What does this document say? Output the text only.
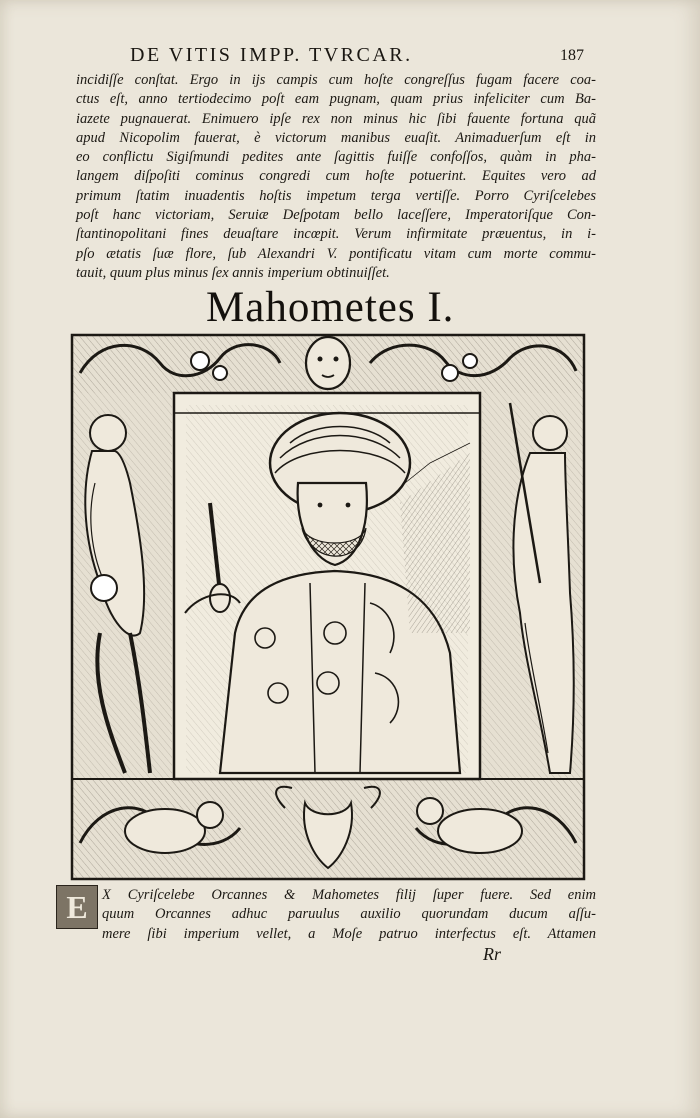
DE VITIS IMPP. TVRCAR.	187
incidiſſe conſtat. Ergo in ijs campis cum hoſte congreſſus fugam facere coa-
ctus eſt, anno tertiodecimo poſt eam pugnam, quam prius infeliciter cum Ba-
iazete pugnauerat. Enimuero ipſe rex non minus hic ſibi fauente fortuna quã
apud Nicopolim fauerat, è victorum manibus euaſit. Animaduerſum eſt in
eo conflictu Sigiſmundi pedites ante ſagittis fuiſſe confoſſos, quàm in pha-
langem diſpoſiti cominus congredi cum hoſte potuerint. Equites vero ad
primum ſtatim inuadentis hoſtis impetum terga vertiſſe. Porro Cyriſcelebes
poſt hanc victoriam, Seruiæ Deſpotam bello laceſſere, Imperatoriſque Con-
ſtantinopolitani fines deuaſtare incœpit. Verum infirmitate præuentus, in i-
pſo ætatis ſuæ flore, ſub Alexandri V. pontificatu vitam cum morte commu-
tauit, quum plus minus ſex annis imperium obtinuiſſet.
Mahometes I.
E X Cyriſcelebe Orcannes & Mahometes filij ſuper fuere. Sed enim
quum Orcannes adhuc paruulus auxilio quorundam ducum aſſu-
mere ſibi imperium vellet, a Moſe patruo interfectus eſt. Attamen
Rr
